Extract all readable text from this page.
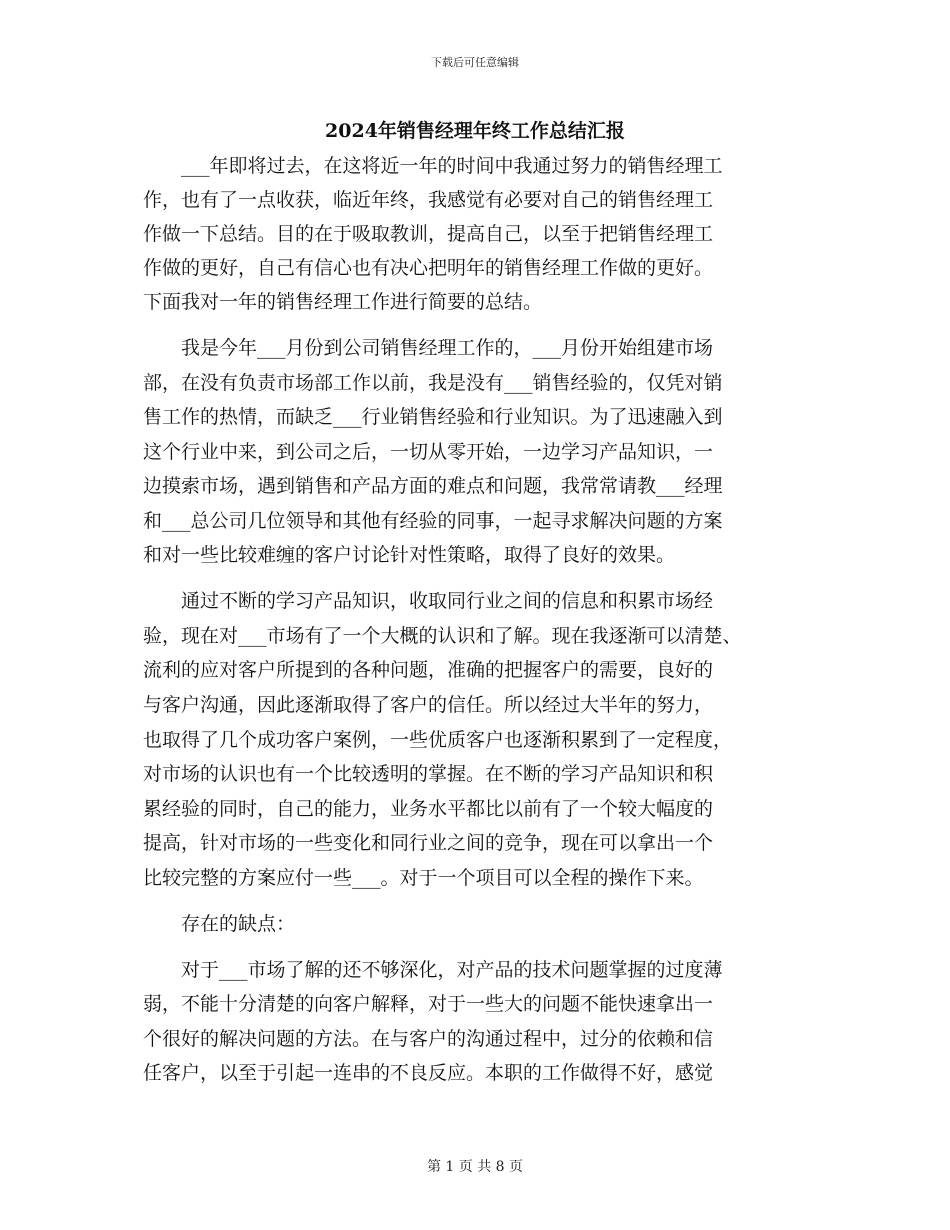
下载后可任意编辑
2024年销售经理年终工作总结汇报
　　___年即将过去，在这将近一年的时间中我通过努力的销售经理工
作，也有了一点收获，临近年终，我感觉有必要对自己的销售经理工
作做一下总结。目的在于吸取教训，提高自己，以至于把销售经理工
作做的更好，自己有信心也有决心把明年的销售经理工作做的更好。
下面我对一年的销售经理工作进行简要的总结。
　　我是今年___月份到公司销售经理工作的，___月份开始组建市场
部，在没有负责市场部工作以前，我是没有___销售经验的，仅凭对销
售工作的热情，而缺乏___行业销售经验和行业知识。为了迅速融入到
这个行业中来，到公司之后，一切从零开始，一边学习产品知识，一
边摸索市场，遇到销售和产品方面的难点和问题，我常常请教___经理
和___总公司几位领导和其他有经验的同事，一起寻求解决问题的方案
和对一些比较难缠的客户讨论针对性策略，取得了良好的效果。
　　通过不断的学习产品知识，收取同行业之间的信息和积累市场经
验，现在对___市场有了一个大概的认识和了解。现在我逐渐可以清楚、
流利的应对客户所提到的各种问题，准确的把握客户的需要，良好的
与客户沟通，因此逐渐取得了客户的信任。所以经过大半年的努力，
也取得了几个成功客户案例，一些优质客户也逐渐积累到了一定程度，
对市场的认识也有一个比较透明的掌握。在不断的学习产品知识和积
累经验的同时，自己的能力，业务水平都比以前有了一个较大幅度的
提高，针对市场的一些变化和同行业之间的竞争，现在可以拿出一个
比较完整的方案应付一些___。对于一个项目可以全程的操作下来。
　　存在的缺点：
　　对于___市场了解的还不够深化，对产品的技术问题掌握的过度薄
弱，不能十分清楚的向客户解释，对于一些大的问题不能快速拿出一
个很好的解决问题的方法。在与客户的沟通过程中，过分的依赖和信
任客户，以至于引起一连串的不良反应。本职的工作做得不好，感觉
第 1 页 共 8 页
